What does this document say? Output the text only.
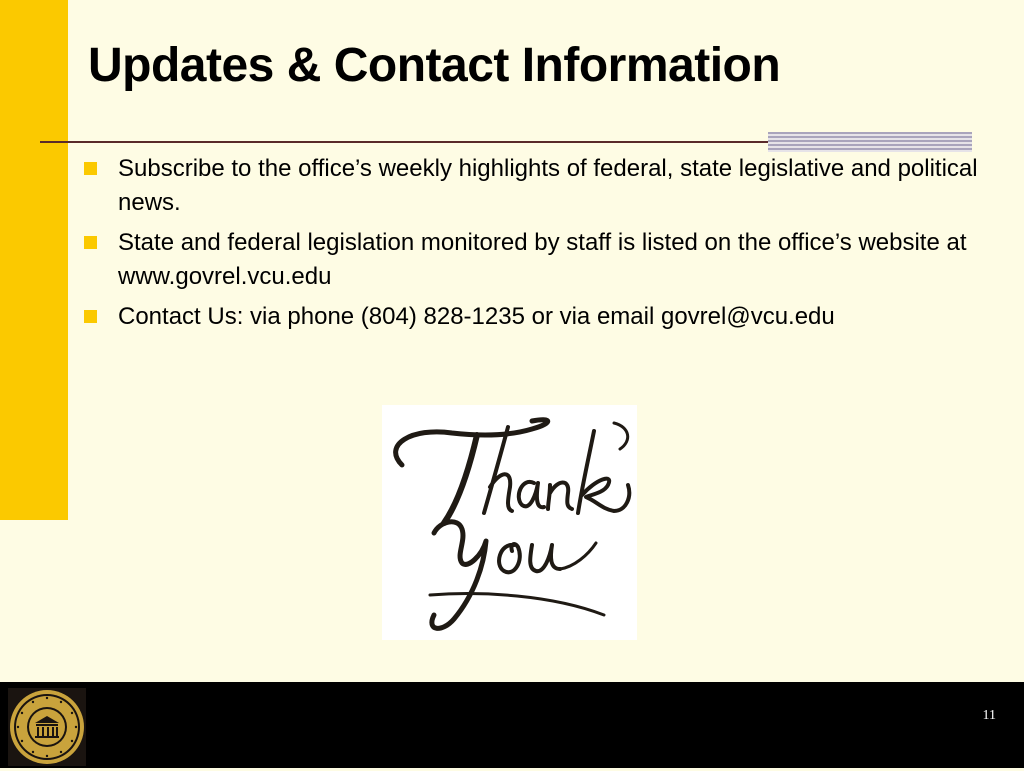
Updates & Contact Information
Subscribe to the office’s weekly highlights of federal, state legislative and political news.
State and federal legislation monitored by staff is listed on the office’s website at www.govrel.vcu.edu
Contact Us: via phone (804) 828-1235 or via email govrel@vcu.edu
11
